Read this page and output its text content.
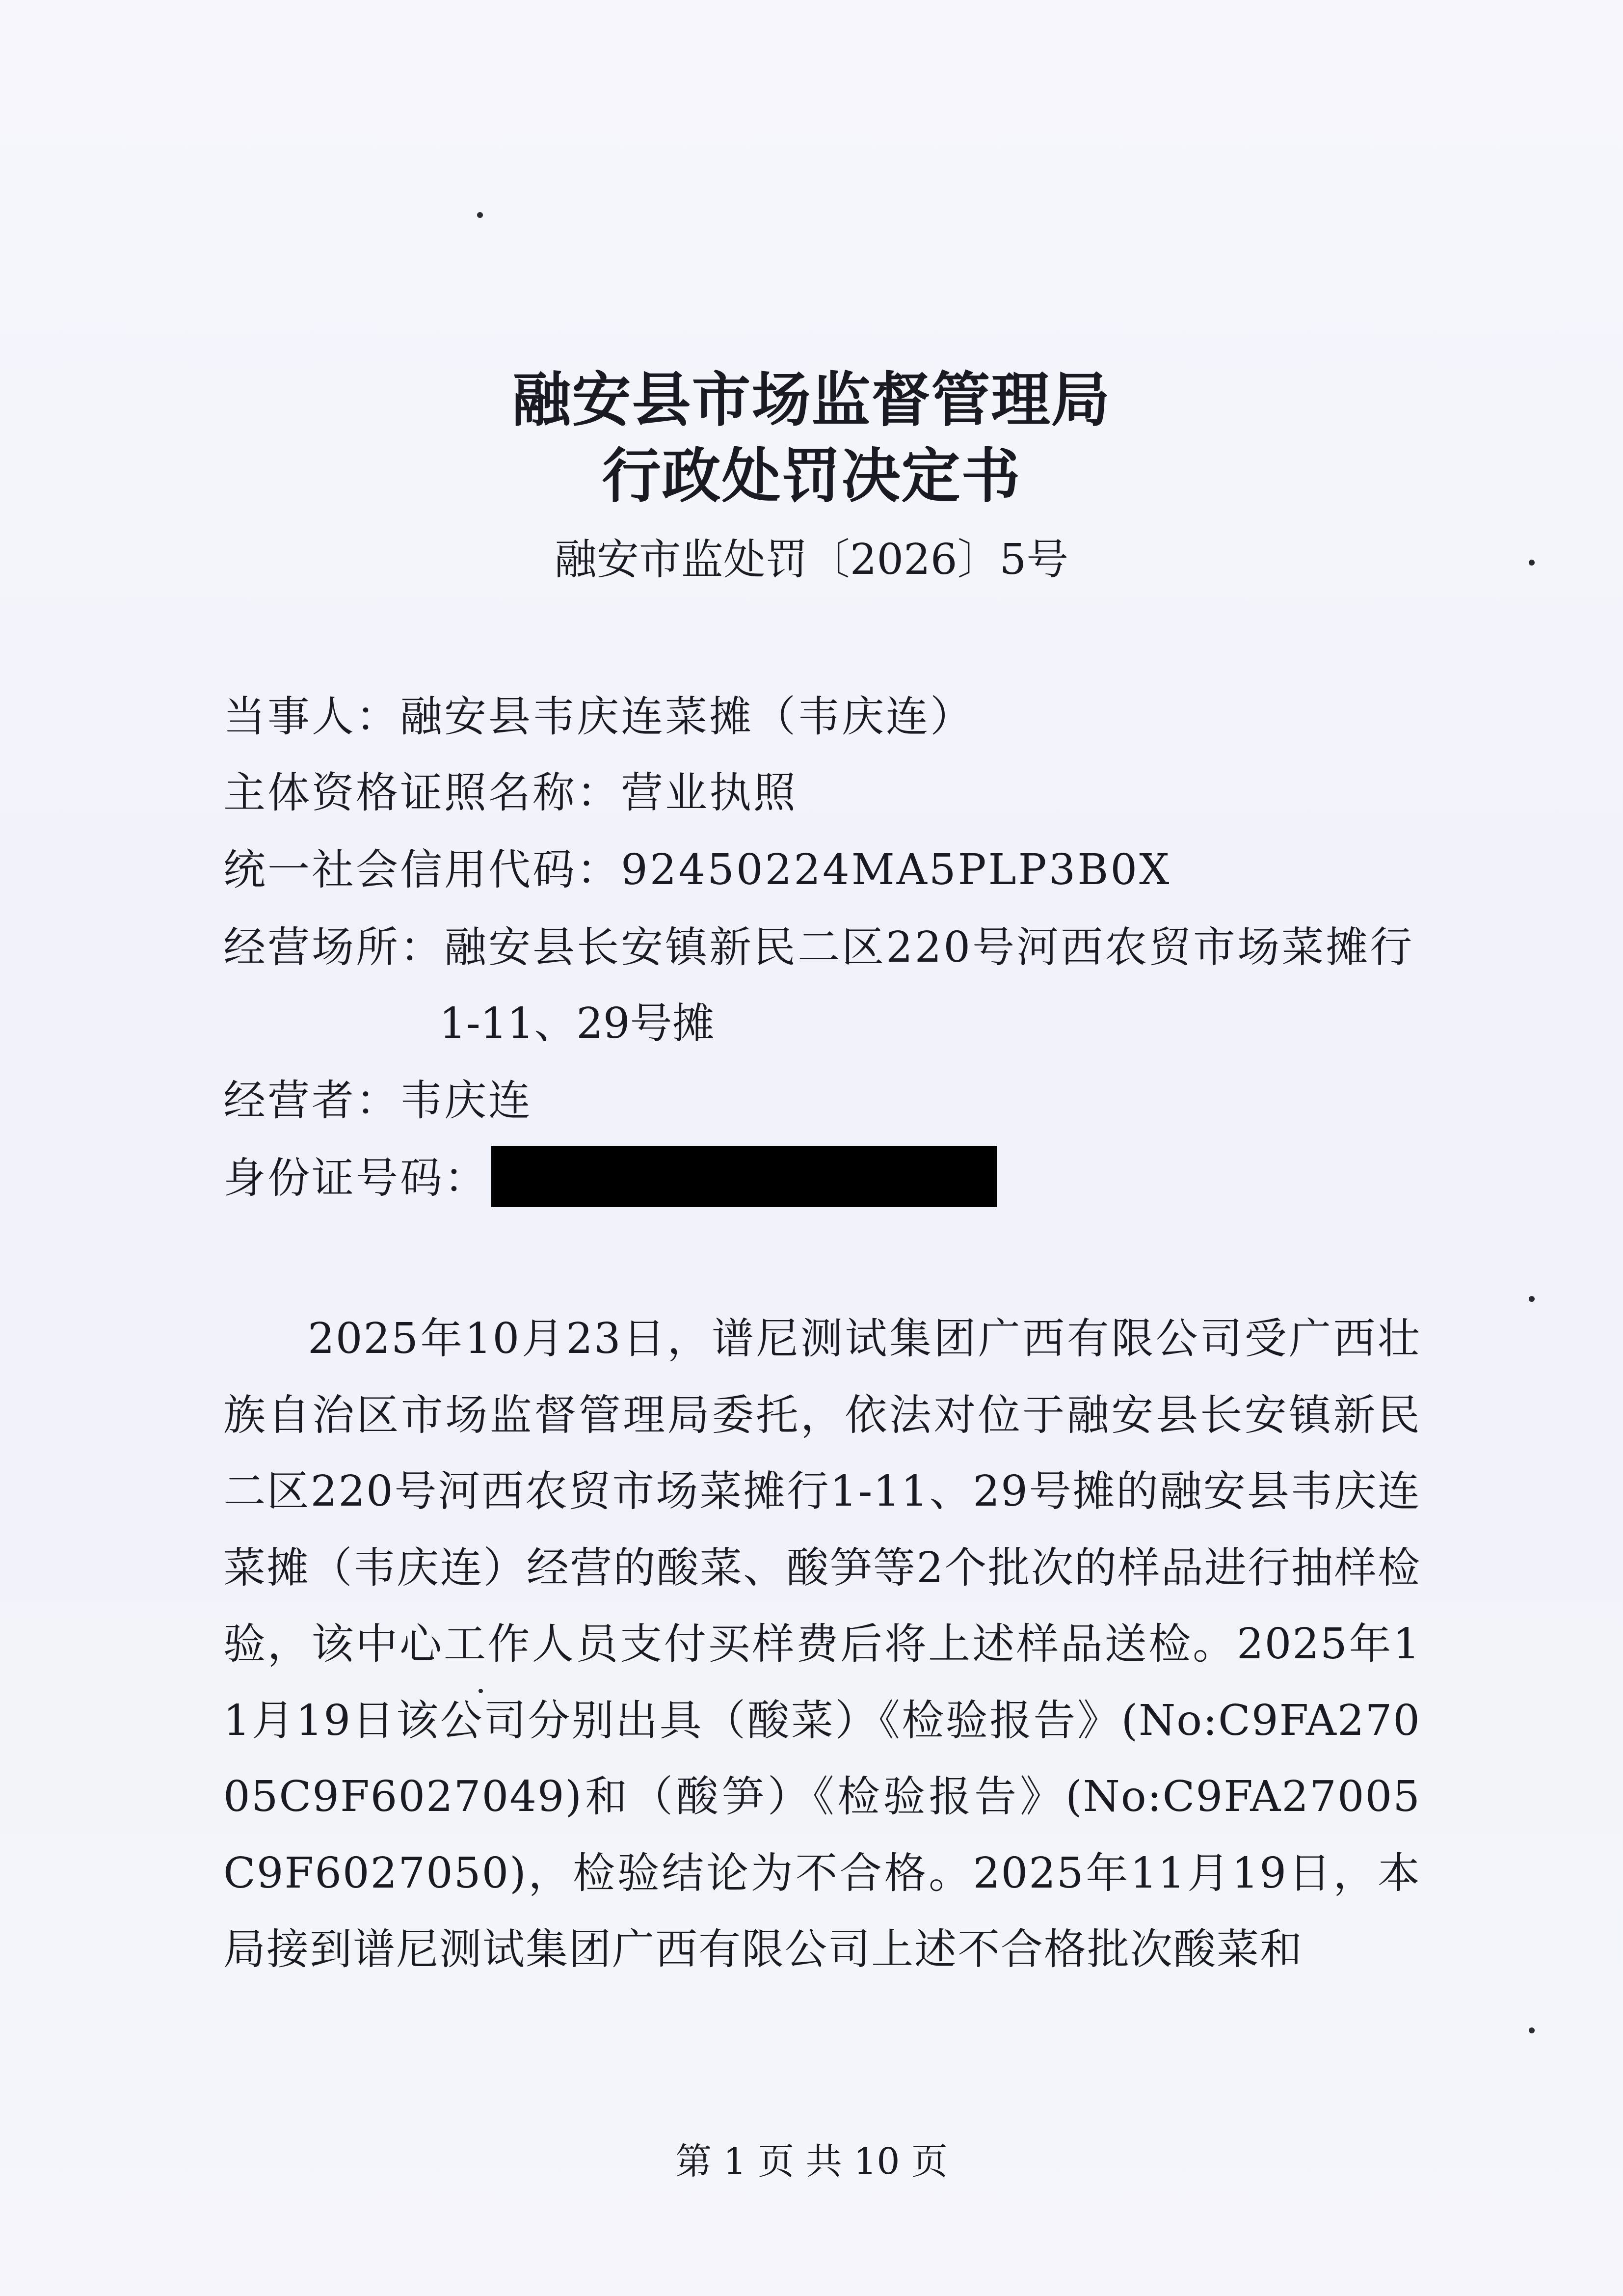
融安县市场监督管理局
行政处罚决定书
融安市监处罚〔2026〕5号
当事人：融安县韦庆连菜摊（韦庆连）
主体资格证照名称：营业执照
统一社会信用代码：92450224MA5PLP3B0X
经营场所：融安县长安镇新民二区220号河西农贸市场菜摊行
1-11、29号摊
经营者：韦庆连
身份证号码：
2025年10月23日，谱尼测试集团广西有限公司受广西壮族自治区市场监督管理局委托，依法对位于融安县长安镇新民二区220号河西农贸市场菜摊行1-11、29号摊的融安县韦庆连菜摊（韦庆连）经营的酸菜、酸笋等2个批次的样品进行抽样检验，该中心工作人员支付买样费后将上述样品送检。2025年11月19日该公司分别出具（酸菜）《检验报告》(No:C9FA27005C9F6027049)和（酸笋）《检验报告》(No:C9FA27005C9F6027050)，检验结论为不合格。2025年11月19日，本局接到谱尼测试集团广西有限公司上述不合格批次酸菜和
第 1 页 共 10 页
